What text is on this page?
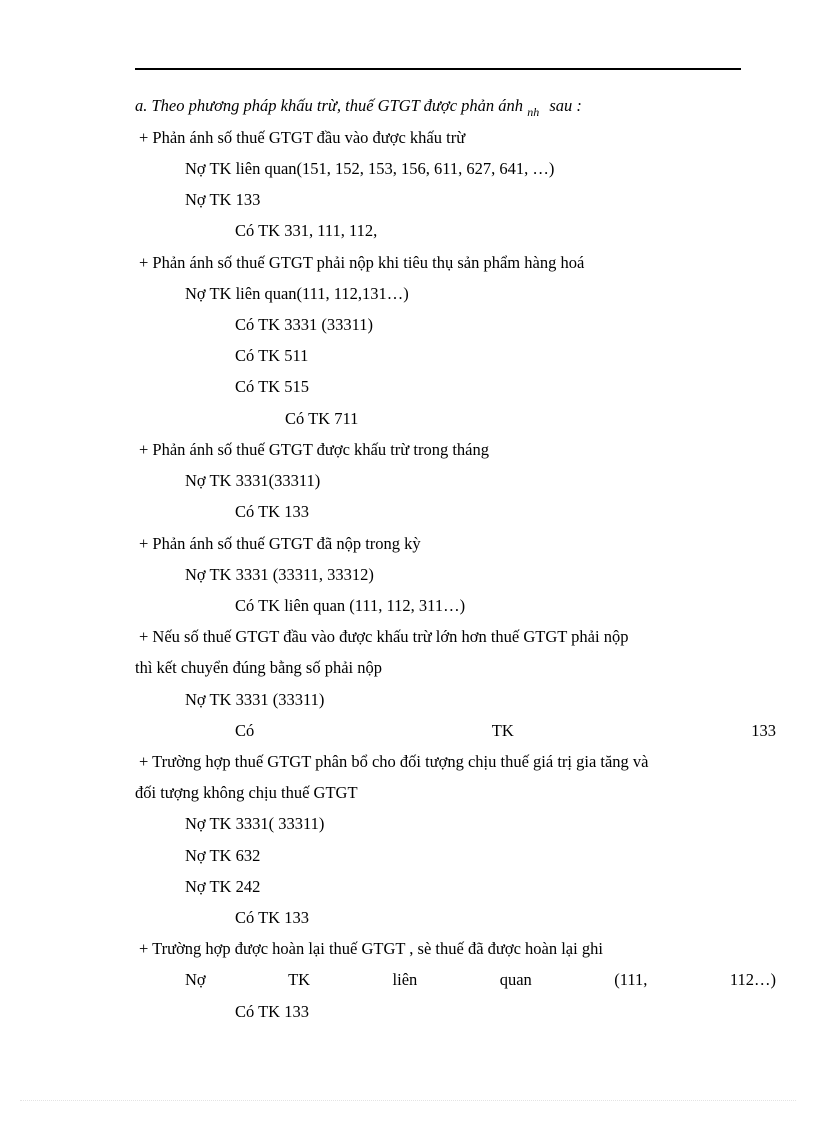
a. Theo phương pháp khấu trừ, thuế GTGT được phản ánh $_{nh}$ sau :
+ Phản ánh số thuế GTGT đầu vào được khấu trừ
Nợ TK liên quan(151, 152, 153, 156, 611, 627, 641, …)
Nợ TK 133
Có TK 331, 111, 112,
+ Phản ánh số thuế GTGT phải nộp khi tiêu thụ sản phẩm hàng hoá
Nợ TK liên quan(111, 112,131…)
Có TK 3331 (33311)
Có TK 511
Có TK 515
Có TK 711
+ Phản ánh số thuế GTGT được khấu trừ trong tháng
Nợ TK 3331(33311)
Có TK 133
+ Phản ánh số thuế GTGT đã nộp trong kỳ
Nợ TK 3331 (33311, 33312)
Có TK liên quan (111, 112, 311…)
+ Nếu số thuế GTGT đầu vào được khấu trừ lớn hơn thuế GTGT phải nộp
thì kết chuyển đúng bằng số phải nộp
Nợ TK 3331 (33311)
Có	TK	133
+ Trường hợp thuế GTGT phân bổ cho đối tượng chịu thuế giá trị gia tăng và
đối tượng không chịu thuế GTGT
Nợ TK 3331( 33311)
Nợ TK 632
Nợ TK 242
Có TK 133
+ Trường hợp được hoàn lại thuế GTGT , sè thuế đã được hoàn lại ghi
Nợ	TK	liên	quan	(111,	112…)
Có TK 133
